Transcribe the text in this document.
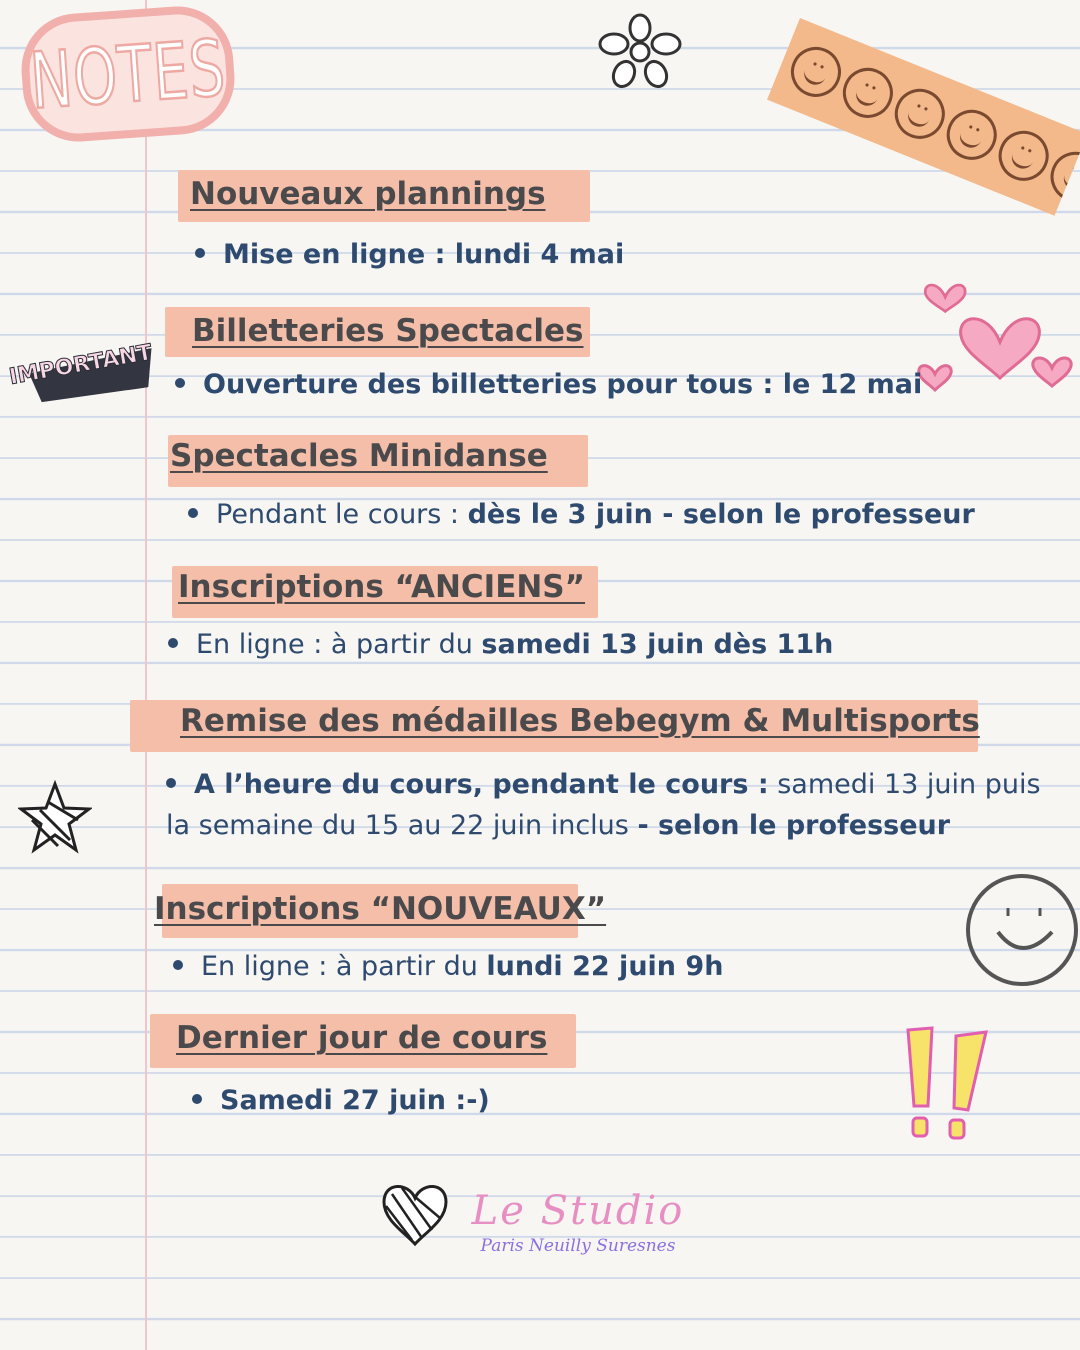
NOTES
• •
• •
• •
• •
• •
• •
IMPORTANT
Nouveaux plannings
Mise en ligne : lundi 4 mai
Billetteries Spectacles
Ouverture des billetteries pour tous : le 12 mai
Spectacles Minidanse
Pendant le cours : dès le 3 juin - selon le professeur
Inscriptions “ANCIENS”
En ligne : à partir du samedi 13 juin dès 11h
Remise des médailles Bebegym & Multisports
A l’heure du cours, pendant le cours : samedi 13 juin puis la semaine du 15 au 22 juin inclus - selon le professeur
Inscriptions “NOUVEAUX”
En ligne : à partir du lundi 22 juin 9h
Dernier jour de cours
Samedi 27 juin :-)
Le Studio
Paris Neuilly Suresnes
